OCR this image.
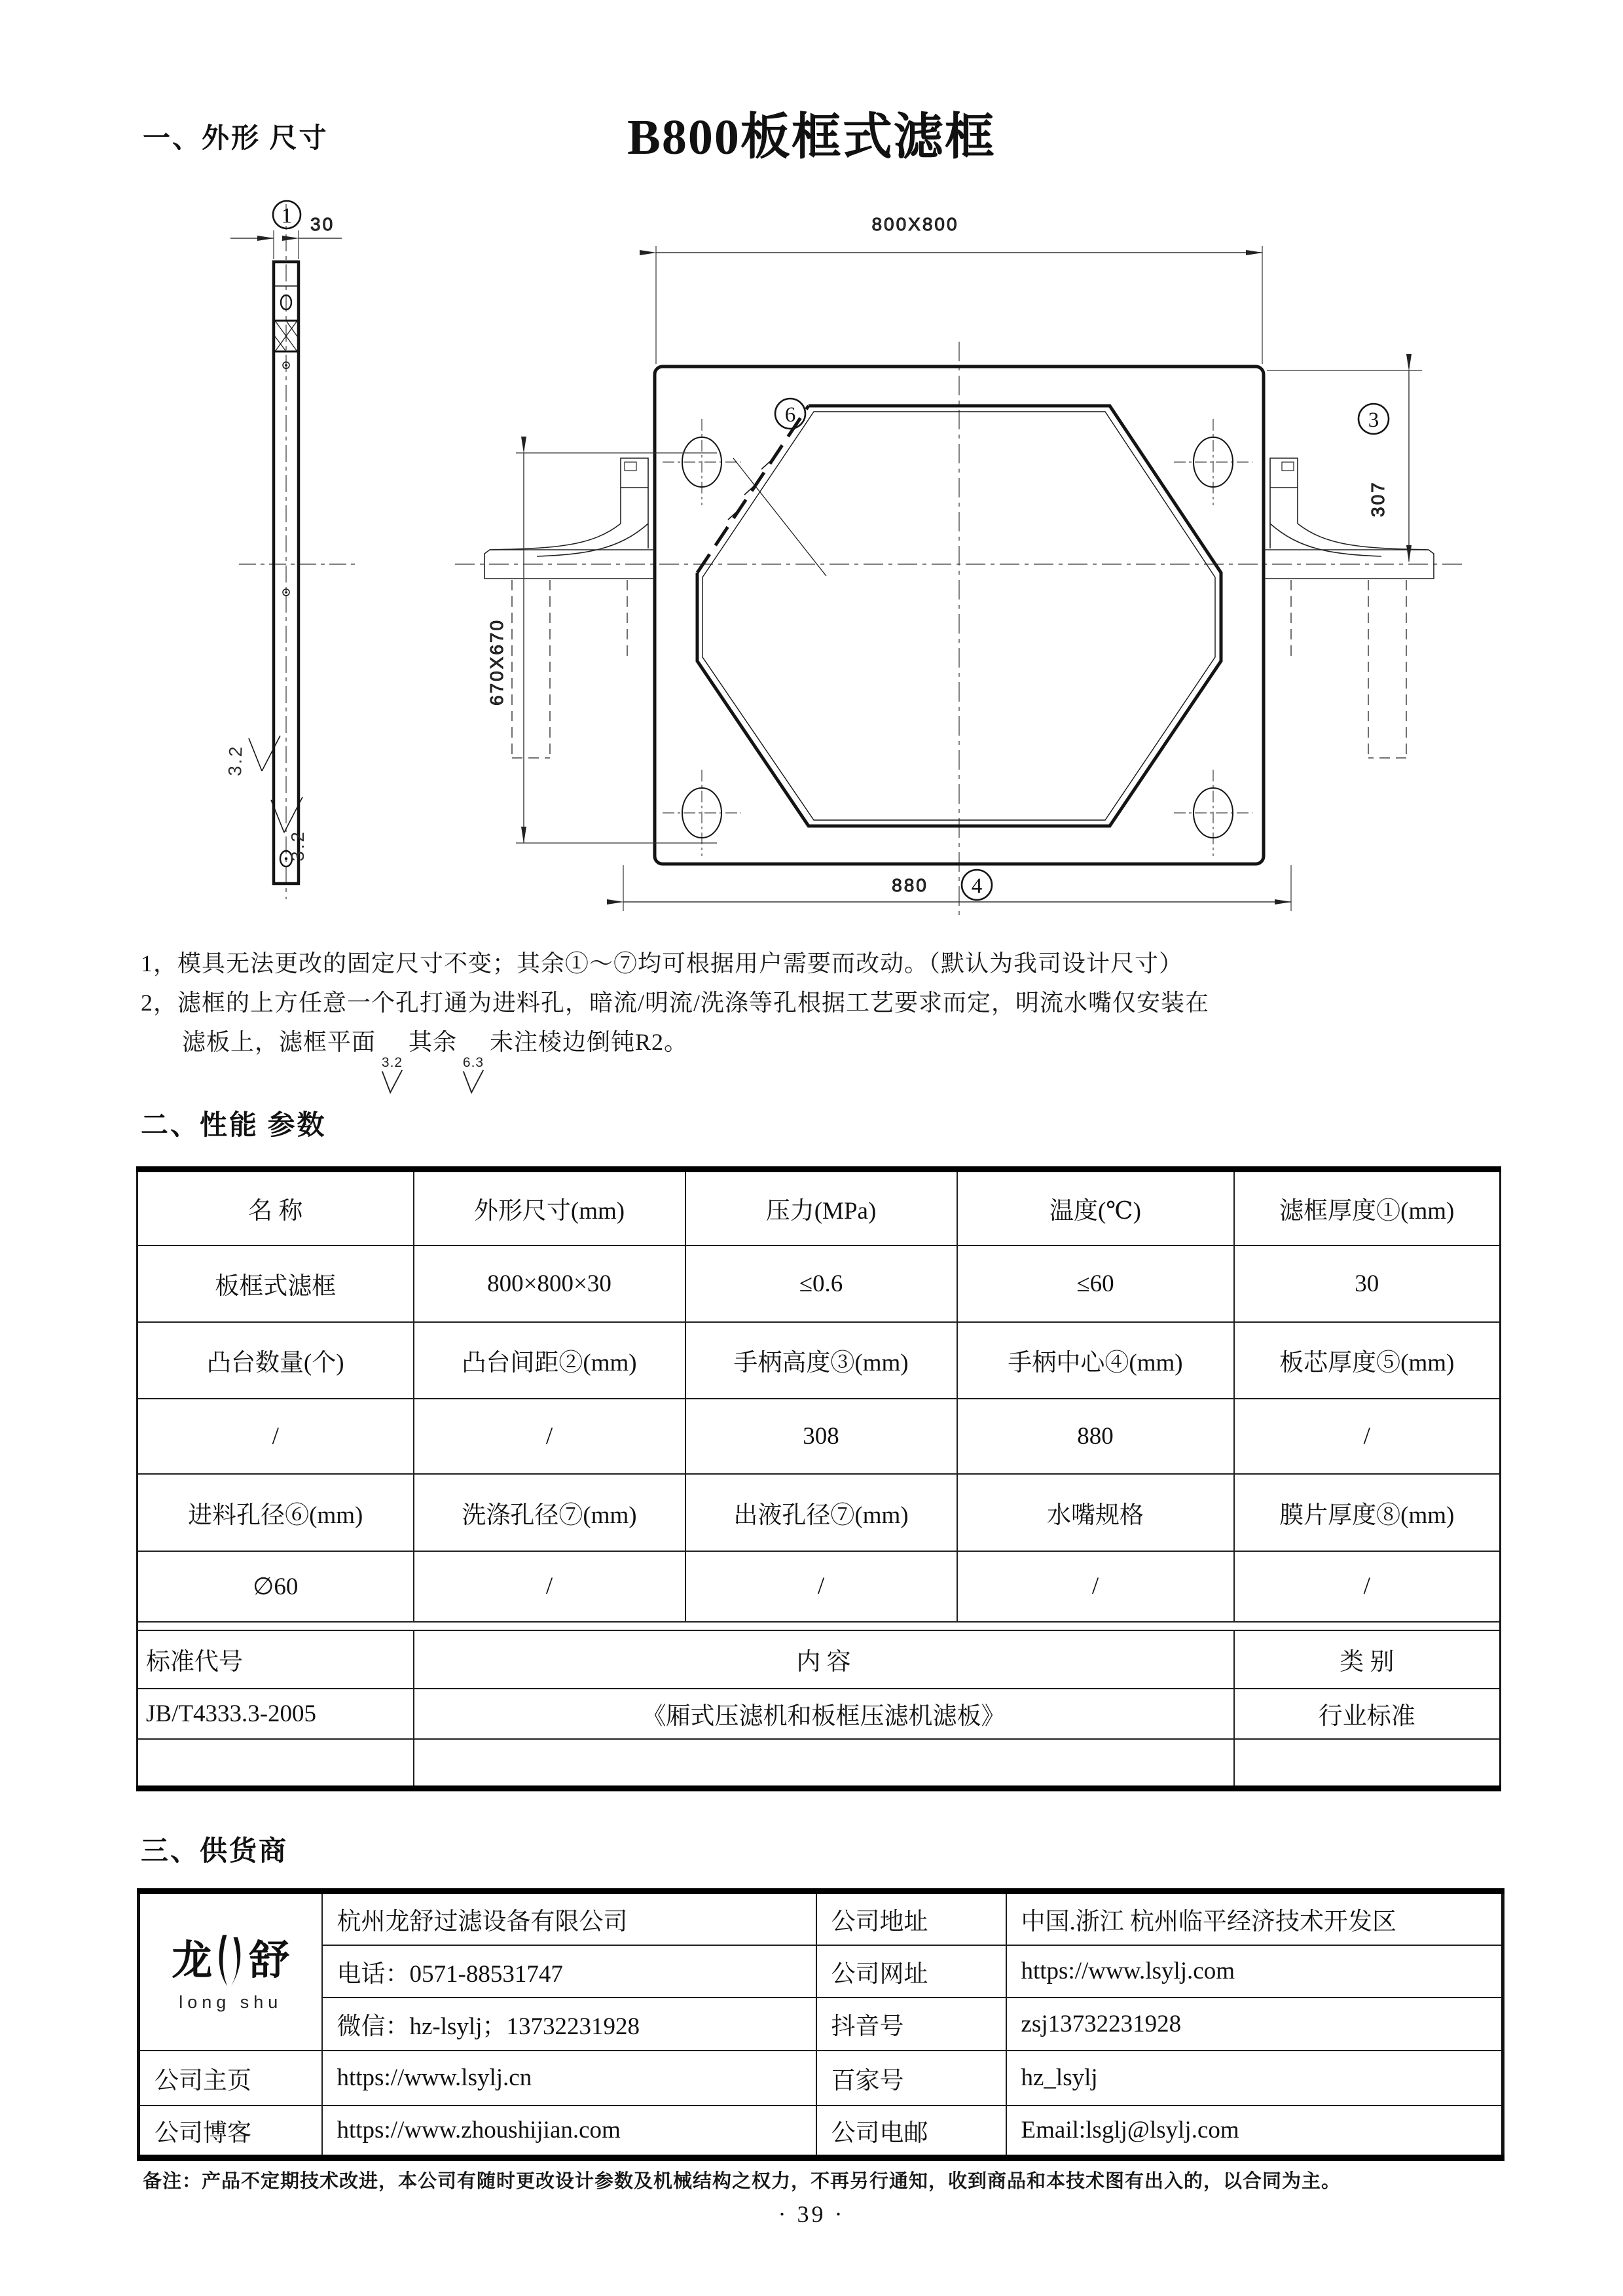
B800板框式滤框
一、外形 尺寸
30
1
3.2
3.2
6
800X800
670X670
307
3
880 4
1，模具无法更改的固定尺寸不变；其余①～⑦均可根据用户需要而改动。（默认为我司设计尺寸）
2，滤框的上方任意一个孔打通为进料孔，暗流/明流/洗涤等孔根据工艺要求而定，明流水嘴仅安装在
滤板上，滤框平面
3.2
其余
6.3
未注棱边倒钝R2。
二、性能 参数
名 称	外形尺寸(mm)	压力(MPa)	温度(℃)	滤框厚度①(mm)
板框式滤框	800×800×30	≤0.6	≤60	30
凸台数量(个)	凸台间距②(mm)	手柄高度③(mm)	手柄中心④(mm)	板芯厚度⑤(mm)
/	/	308	880	/
进料孔径⑥(mm)	洗涤孔径⑦(mm)	出液孔径⑦(mm)	水嘴规格	膜片厚度⑧(mm)
∅60	/	/	/	/

标准代号	内 容			类 别
JB/T4333.3-2005	《厢式压滤机和板框压滤机滤板》			行业标准

三、供货商
龙 舒
long shu	杭州龙舒过滤设备有限公司	公司地址	中国.浙江 杭州临平经济技术开发区
	电话：0571-88531747	公司网址	https://www.lsylj.com
	微信：hz-lsylj；13732231928	抖音号	zsj13732231928
公司主页	https://www.lsylj.cn	百家号	hz_lsylj
公司博客	https://www.zhoushijian.com	公司电邮	Email:lsglj@lsylj.com
备注：产品不定期技术改进，本公司有随时更改设计参数及机械结构之权力，不再另行通知，收到商品和本技术图有出入的，以合同为主。
· 39 ·
